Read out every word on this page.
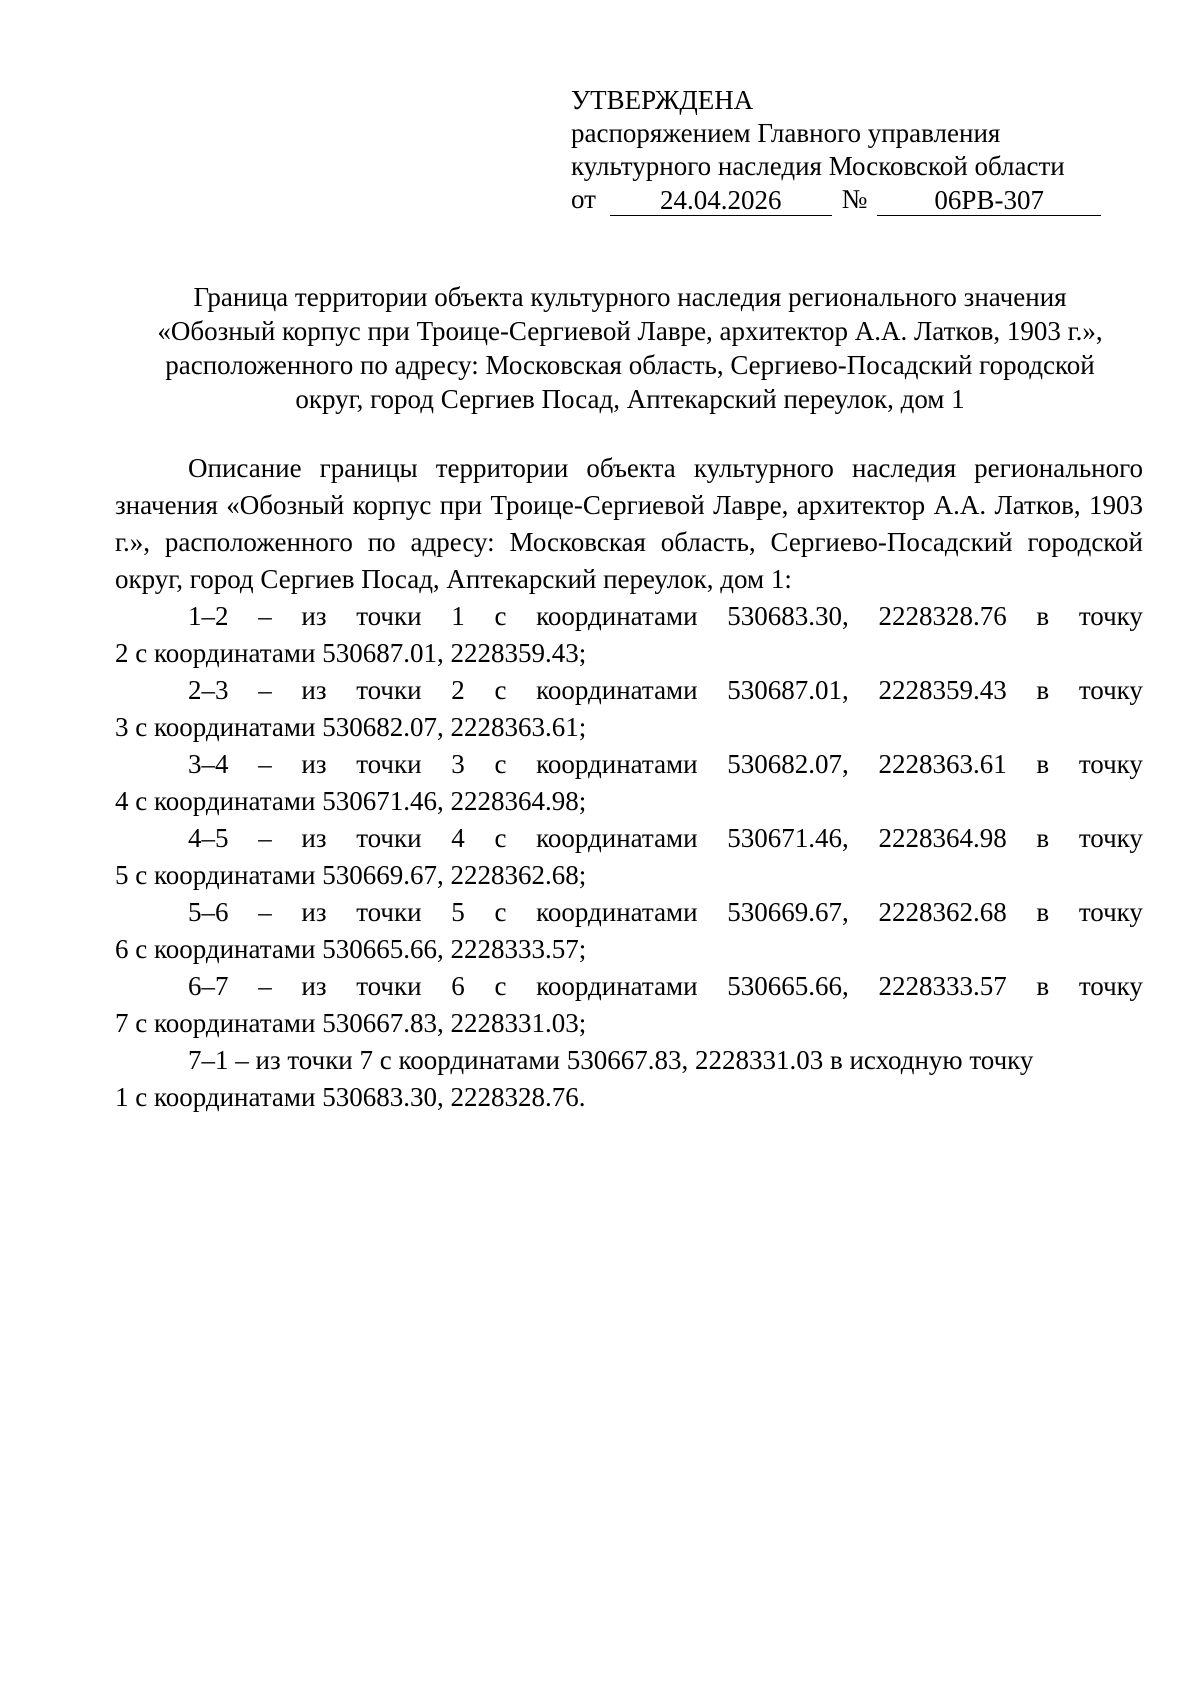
УТВЕРЖДЕНА
распоряжением Главного управления
культурного наследия Московской области
от	24.04.2026	№	06РВ-307
Граница территории объекта культурного наследия регионального значения
«Обозный корпус при Троице-Сергиевой Лавре, архитектор А.А. Латков, 1903 г.»,
расположенного по адресу: Московская область, Сергиево-Посадский городской
округ, город Сергиев Посад, Аптекарский переулок, дом 1

Описание границы территории объекта культурного наследия регионального значения «Обозный корпус при Троице-Сергиевой Лавре, архитектор А.А. Латков, 1903 г.», расположенного по адресу: Московская область, Сергиево-Посадский городской округ, город Сергиев Посад, Аптекарский переулок, дом 1:

1–2 – из точки 1 с координатами 530683.30, 2228328.76 в точку
2 с координатами 530687.01, 2228359.43;
2–3 – из точки 2 с координатами 530687.01, 2228359.43 в точку
3 с координатами 530682.07, 2228363.61;
3–4 – из точки 3 с координатами 530682.07, 2228363.61 в точку
4 с координатами 530671.46, 2228364.98;
4–5 – из точки 4 с координатами 530671.46, 2228364.98 в точку
5 с координатами 530669.67, 2228362.68;
5–6 – из точки 5 с координатами 530669.67, 2228362.68 в точку
6 с координатами 530665.66, 2228333.57;
6–7 – из точки 6 с координатами 530665.66, 2228333.57 в точку
7 с координатами 530667.83, 2228331.03;
7–1 – из точки 7 с координатами 530667.83, 2228331.03 в исходную точку
1 с координатами 530683.30, 2228328.76.
